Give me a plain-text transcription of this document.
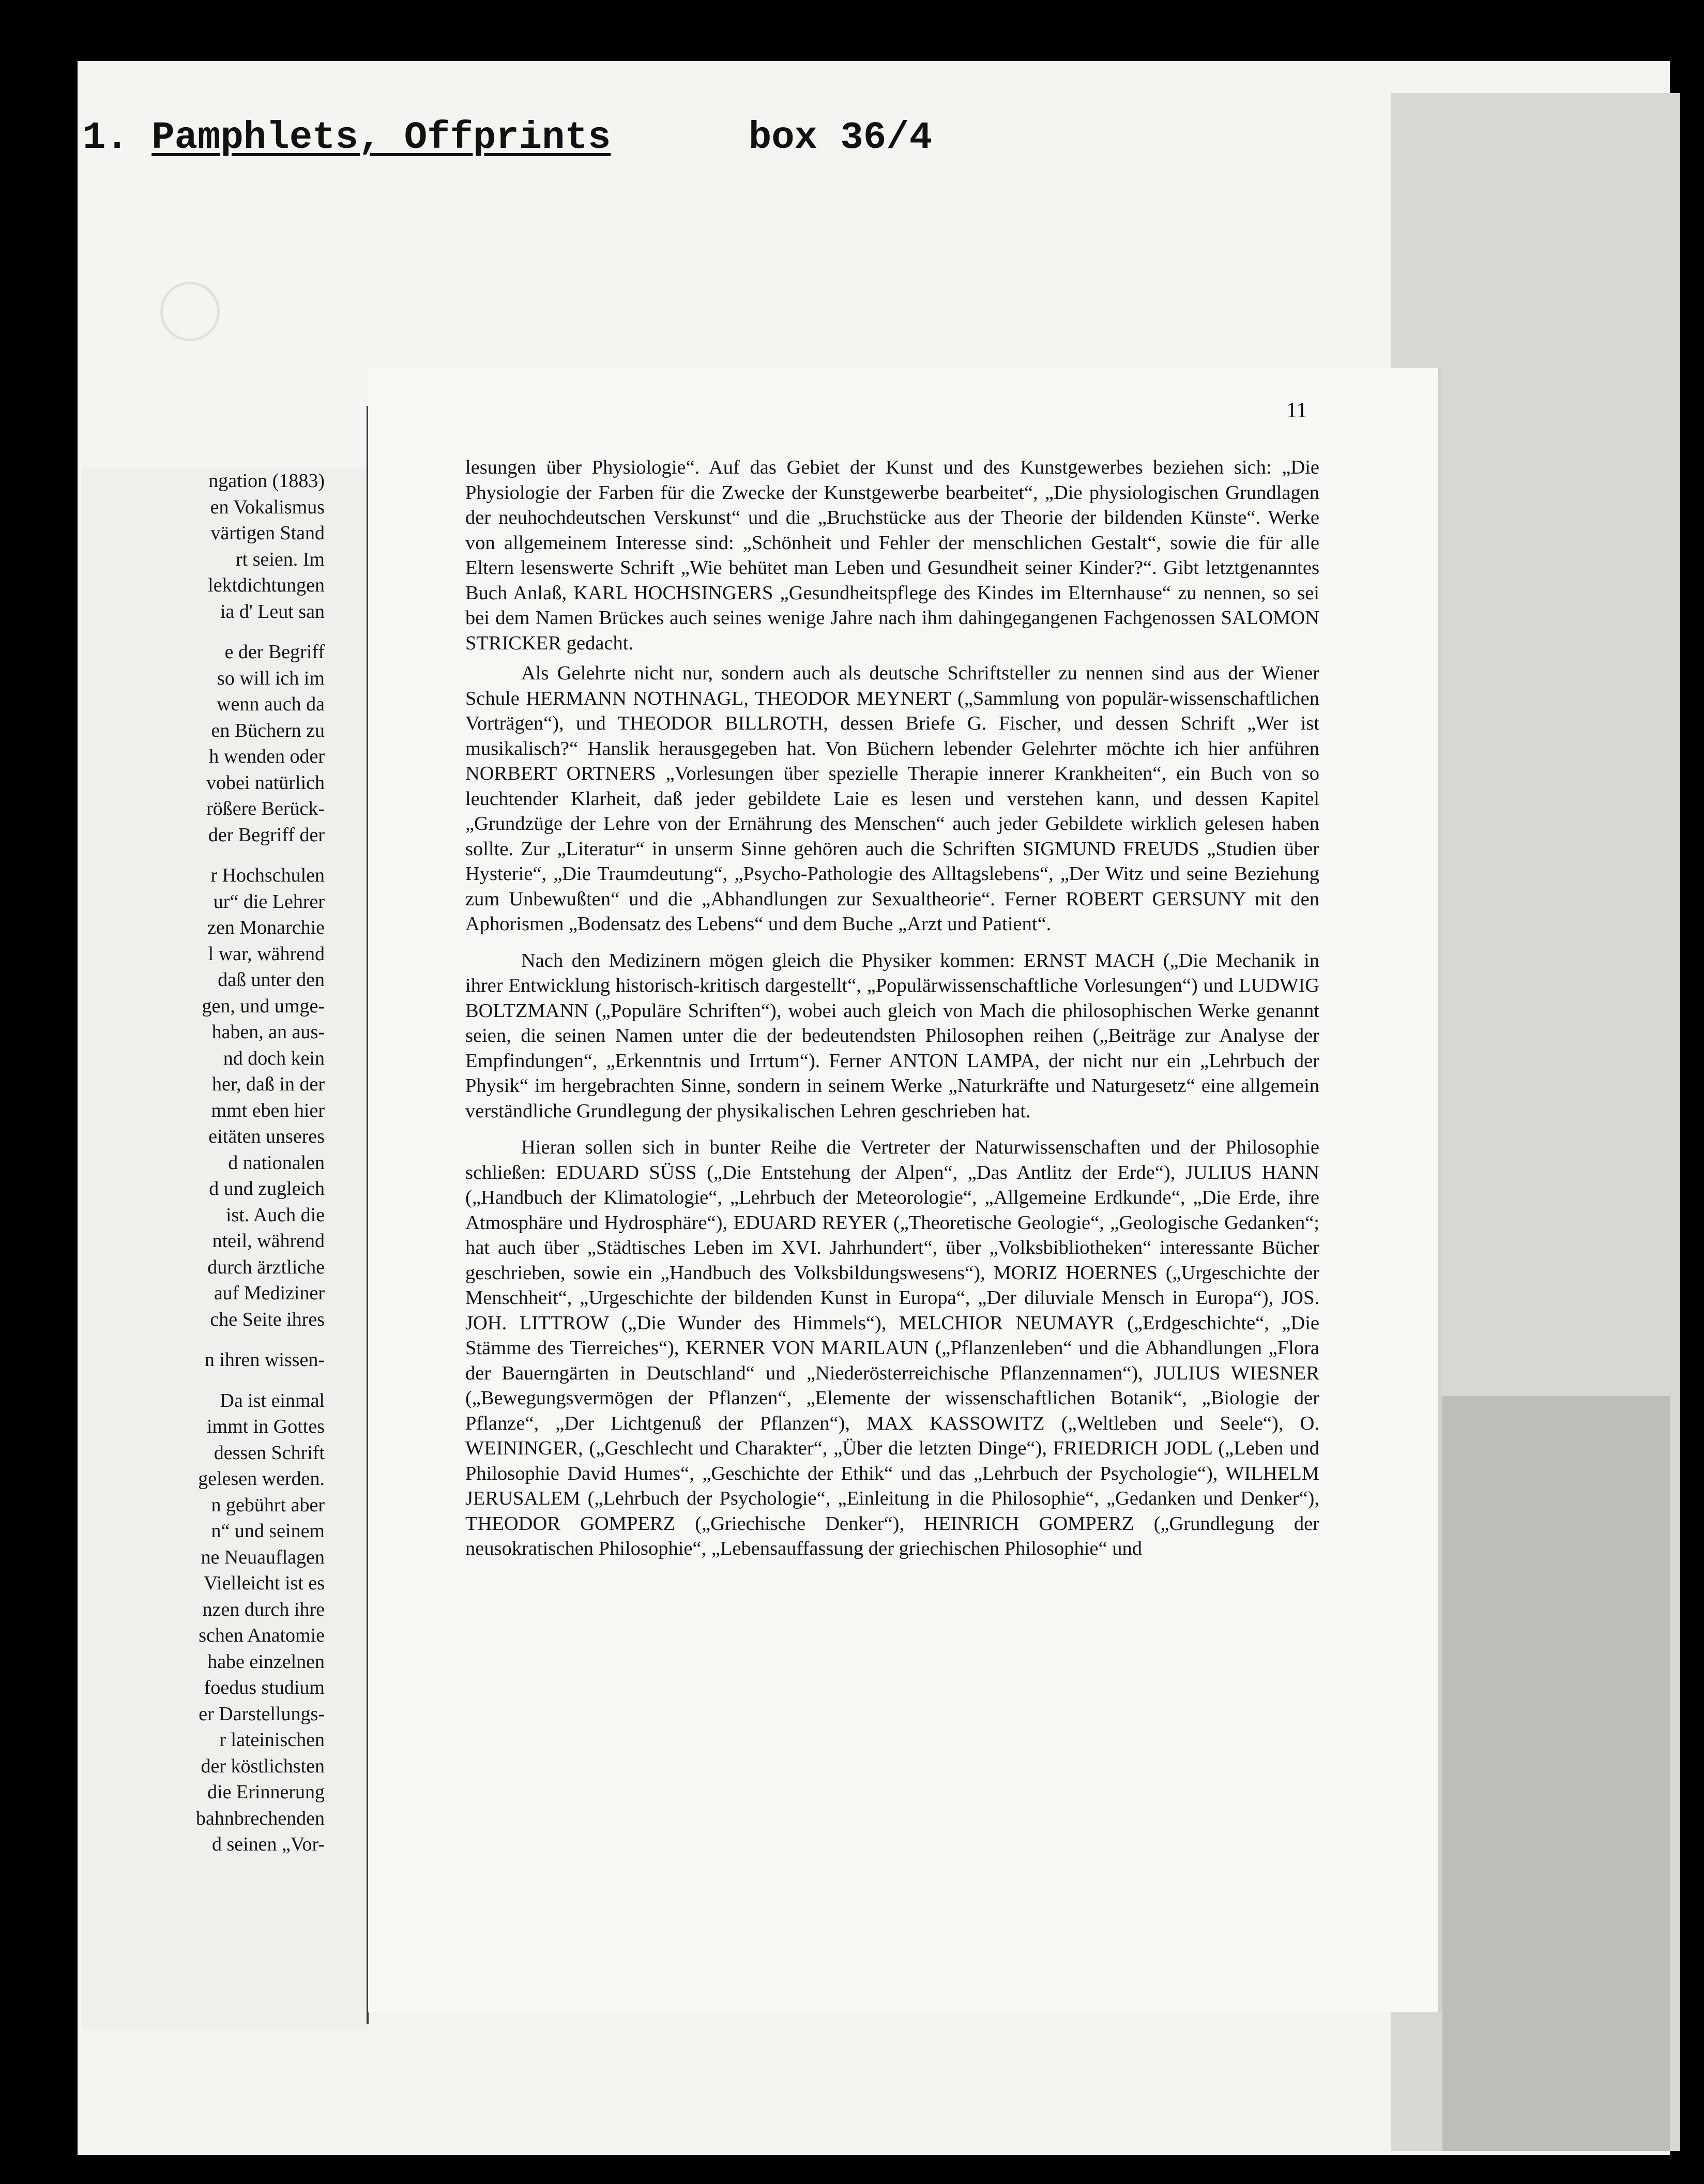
1. Pamphlets, Offprints	box 36/4
ngation (1883)
en Vokalismus
värtigen Stand
rt seien. Im
lektdichtungen
ia d' Leut san
e der Begriff
so will ich im
wenn auch da
en Büchern zu
h wenden oder
vobei natürlich
rößere Berück-
der Begriff der
r Hochschulen
ur“ die Lehrer
zen Monarchie
l war, während
daß unter den
gen, und umge-
haben, an aus-
nd doch kein
her, daß in der
mmt eben hier
eitäten unseres
d nationalen
d und zugleich
ist. Auch die
nteil, während
durch ärztliche
auf Mediziner
che Seite ihres
n ihren wissen-
Da ist einmal
immt in Gottes
dessen Schrift
gelesen werden.
n gebührt aber
n“ und seinem
ne Neuauflagen
Vielleicht ist es
nzen durch ihre
schen Anatomie
habe einzelnen
foedus studium
er Darstellungs-
r lateinischen
der köstlichsten
die Erinnerung
bahnbrechenden
d seinen „Vor-
11

lesungen über Physiologie“. Auf das Gebiet der Kunst und des Kunstgewerbes beziehen sich: „Die Physiologie der Farben für die Zwecke der Kunstgewerbe bearbeitet“, „Die physiologischen Grundlagen der neuhochdeutschen Verskunst“ und die „Bruchstücke aus der Theorie der bildenden Künste“. Werke von allgemeinem Interesse sind: „Schönheit und Fehler der menschlichen Gestalt“, sowie die für alle Eltern lesenswerte Schrift „Wie behütet man Leben und Gesundheit seiner Kinder?“. Gibt letztgenanntes Buch Anlaß, KARL HOCHSINGERS „Gesundheitspflege des Kindes im Elternhause“ zu nennen, so sei bei dem Namen Brückes auch seines wenige Jahre nach ihm dahingegangenen Fachgenossen SALOMON STRICKER gedacht.

Als Gelehrte nicht nur, sondern auch als deutsche Schriftsteller zu nennen sind aus der Wiener Schule HERMANN NOTHNAGL, THEODOR MEYNERT („Sammlung von populär-wissenschaftlichen Vorträgen“), und THEODOR BILLROTH, dessen Briefe G. Fischer, und dessen Schrift „Wer ist musikalisch?“ Hanslik herausgegeben hat. Von Büchern lebender Gelehrter möchte ich hier anführen NORBERT ORTNERS „Vorlesungen über spezielle Therapie innerer Krankheiten“, ein Buch von so leuchtender Klarheit, daß jeder gebildete Laie es lesen und verstehen kann, und dessen Kapitel „Grundzüge der Lehre von der Ernährung des Menschen“ auch jeder Gebildete wirklich gelesen haben sollte. Zur „Literatur“ in unserm Sinne gehören auch die Schriften SIGMUND FREUDS „Studien über Hysterie“, „Die Traumdeutung“, „Psycho-Pathologie des Alltagslebens“, „Der Witz und seine Beziehung zum Unbewußten“ und die „Abhandlungen zur Sexualtheorie“. Ferner ROBERT GERSUNY mit den Aphorismen „Bodensatz des Lebens“ und dem Buche „Arzt und Patient“.

Nach den Medizinern mögen gleich die Physiker kommen: ERNST MACH („Die Mechanik in ihrer Entwicklung historisch-kritisch dargestellt“, „Populärwissenschaftliche Vorlesungen“) und LUDWIG BOLTZMANN („Populäre Schriften“), wobei auch gleich von Mach die philosophischen Werke genannt seien, die seinen Namen unter die der bedeutendsten Philosophen reihen („Beiträge zur Analyse der Empfindungen“, „Erkenntnis und Irrtum“). Ferner ANTON LAMPA, der nicht nur ein „Lehrbuch der Physik“ im hergebrachten Sinne, sondern in seinem Werke „Naturkräfte und Naturgesetz“ eine allgemein verständliche Grundlegung der physikalischen Lehren geschrieben hat.

Hieran sollen sich in bunter Reihe die Vertreter der Naturwissenschaften und der Philosophie schließen: EDUARD SÜSS („Die Entstehung der Alpen“, „Das Antlitz der Erde“), JULIUS HANN („Handbuch der Klimatologie“, „Lehrbuch der Meteorologie“, „Allgemeine Erdkunde“, „Die Erde, ihre Atmosphäre und Hydrosphäre“), EDUARD REYER („Theoretische Geologie“, „Geologische Gedanken“; hat auch über „Städtisches Leben im XVI. Jahrhundert“, über „Volksbibliotheken“ interessante Bücher geschrieben, sowie ein „Handbuch des Volksbildungswesens“), MORIZ HOERNES („Urgeschichte der Menschheit“, „Urgeschichte der bildenden Kunst in Europa“, „Der diluviale Mensch in Europa“), JOS. JOH. LITTROW („Die Wunder des Himmels“), MELCHIOR NEUMAYR („Erdgeschichte“, „Die Stämme des Tierreiches“), KERNER VON MARILAUN („Pflanzenleben“ und die Abhandlungen „Flora der Bauerngärten in Deutschland“ und „Niederösterreichische Pflanzennamen“), JULIUS WIESNER („Bewegungsvermögen der Pflanzen“, „Elemente der wissenschaftlichen Botanik“, „Biologie der Pflanze“, „Der Lichtgenuß der Pflanzen“), MAX KASSOWITZ („Weltleben und Seele“), O. WEININGER, („Geschlecht und Charakter“, „Über die letzten Dinge“), FRIEDRICH JODL („Leben und Philosophie David Humes“, „Geschichte der Ethik“ und das „Lehrbuch der Psychologie“), WILHELM JERUSALEM („Lehrbuch der Psychologie“, „Einleitung in die Philosophie“, „Gedanken und Denker“), THEODOR GOMPERZ („Griechische Denker“), HEINRICH GOMPERZ („Grundlegung der neusokratischen Philosophie“, „Lebensauffassung der griechischen Philosophie“ und
